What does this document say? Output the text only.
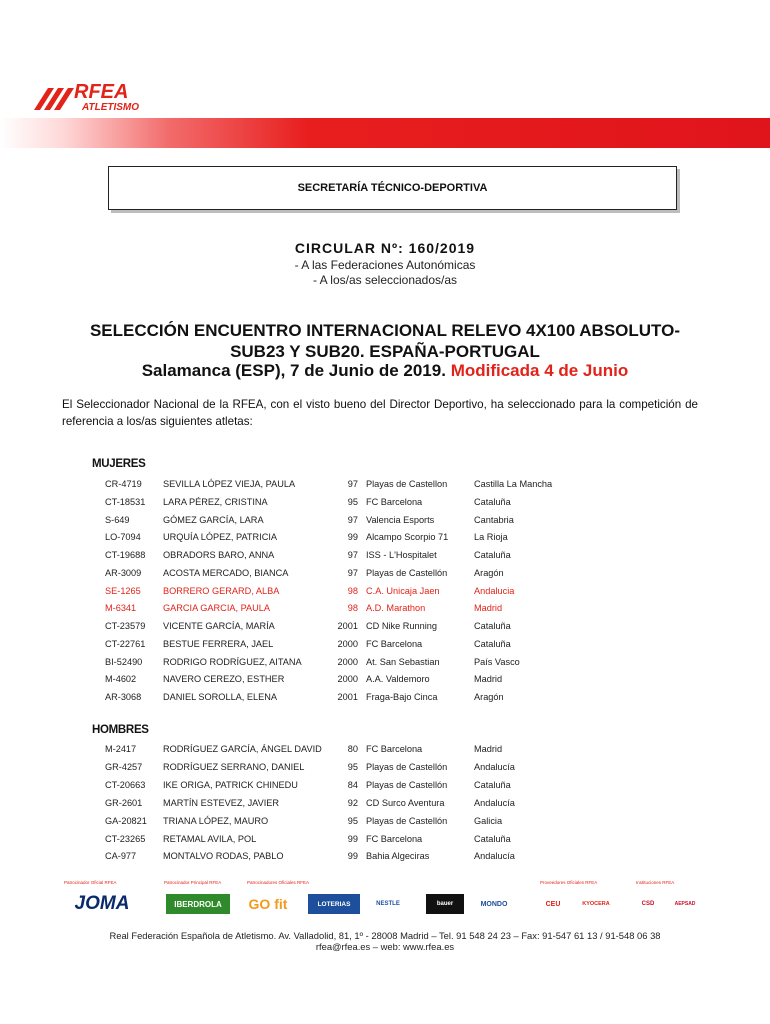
RFEA
ATLETISMO
SECRETARÍA TÉCNICO-DEPORTIVA
CIRCULAR Nº: 160/2019
- A las Federaciones Autonómicas
- A los/as seleccionados/as
SELECCIÓN ENCUENTRO INTERNACIONAL RELEVO 4X100 ABSOLUTO-
SUB23 Y SUB20. ESPAÑA-PORTUGAL
Salamanca (ESP), 7 de Junio de 2019. Modificada 4 de Junio
El Seleccionador Nacional de la RFEA, con el visto bueno del Director Deportivo, ha seleccionado para la competición de referencia a los/as siguientes atletas:
MUJERES
CR-4719 SEVILLA LÓPEZ VIEJA, PAULA	97 Playas de Castellon	Castilla La Mancha
CT-18531 LARA PÉREZ, CRISTINA	95 FC Barcelona	Cataluña
S-649	GÓMEZ GARCÍA, LARA	97 Valencia Esports	Cantabria
LO-7094 URQUÍA LÓPEZ, PATRICIA	99 Alcampo Scorpio 71	La Rioja
CT-19688 OBRADORS BARO, ANNA	97 ISS - L'Hospitalet	Cataluña
AR-3009 ACOSTA MERCADO, BIANCA	97 Playas de Castellón	Aragón
SE-1265 BORRERO GERARD, ALBA	98 C.A. Unicaja Jaen	Andalucia
M-6341	GARCIA GARCIA, PAULA	98 A.D. Marathon	Madrid
CT-23579 VICENTE GARCÍA, MARÍA	2001 CD Nike Running	Cataluña
CT-22761 BESTUE FERRERA, JAEL	2000 FC Barcelona	Cataluña
BI-52490 RODRIGO RODRÍGUEZ, AITANA	2000 At. San Sebastian	País Vasco
M-4602	NAVERO CEREZO, ESTHER	2000 A.A. Valdemoro	Madrid
AR-3068 DANIEL SOROLLA, ELENA	2001 Fraga-Bajo Cinca	Aragón
HOMBRES
M-2417	RODRÍGUEZ GARCÍA, ÁNGEL DAVID	80 FC Barcelona	Madrid
GR-4257 RODRÍGUEZ SERRANO, DANIEL	95 Playas de Castellón	Andalucía
CT-20663 IKE ORIGA, PATRICK CHINEDU	84 Playas de Castellón	Cataluña
GR-2601 MARTÍN ESTEVEZ, JAVIER	92 CD Surco Aventura	Andalucía
GA-20821 TRIANA LÓPEZ, MAURO	95 Playas de Castellón	Galicia
CT-23265 RETAMAL AVILA, POL	99 FC Barcelona	Cataluña
CA-977	MONTALVO RODAS, PABLO	99 Bahia Algeciras	Andalucía
Patrocinador Oficial RFEA	Patrocinador Principal RFEA	Patrocinadores Oficiales RFEA	Proveedores Oficiales RFEA	Instituciones RFEA
JOMA	IBERDROLA	GO fit	LOTERIAS	NESTLE	bauer	MONDO	CEU	KYOCERA	CSD	AEPSAD
Real Federación Española de Atletismo. Av. Valladolid, 81, 1º - 28008 Madrid – Tel. 91 548 24 23 – Fax: 91-547 61 13 / 91-548 06 38
rfea@rfea.es – web: www.rfea.es
